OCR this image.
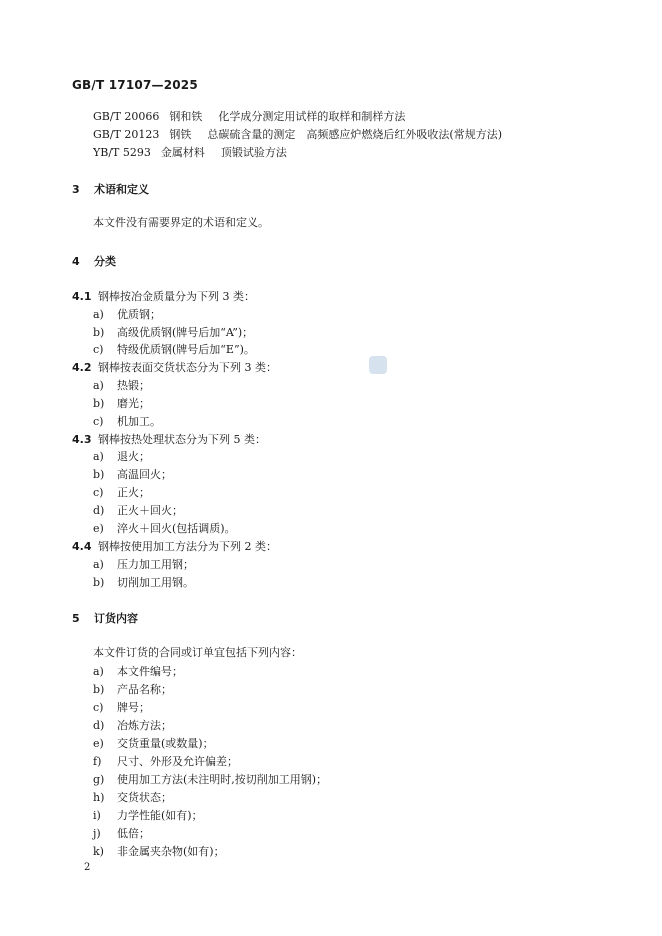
GB/T 17107—2025
GB/T 20066 钢和铁 化学成分测定用试样的取样和制样方法
GB/T 20123 钢铁 总碳硫含量的测定　高频感应炉燃烧后红外吸收法(常规方法)
YB/T 5293 金属材料 顶锻试验方法
3 术语和定义
本文件没有需要界定的术语和定义。
4 分类
4.1 钢棒按冶金质量分为下列 3 类：
a) 优质钢；
b) 高级优质钢(牌号后加“A”)；
c) 特级优质钢(牌号后加“E”)。
4.2 钢棒按表面交货状态分为下列 3 类：
a) 热锻；
b) 磨光；
c) 机加工。
4.3 钢棒按热处理状态分为下列 5 类：
a) 退火；
b) 高温回火；
c) 正火；
d) 正火＋回火；
e) 淬火＋回火(包括调质)。
4.4 钢棒按使用加工方法分为下列 2 类：
a) 压力加工用钢；
b) 切削加工用钢。
5 订货内容
本文件订货的合同或订单宜包括下列内容：
a) 本文件编号；
b) 产品名称；
c) 牌号；
d) 冶炼方法；
e) 交货重量(或数量)；
f) 尺寸、外形及允许偏差；
g) 使用加工方法(未注明时,按切削加工用钢)；
h) 交货状态；
i) 力学性能(如有)；
j) 低倍；
k) 非金属夹杂物(如有)；
2
